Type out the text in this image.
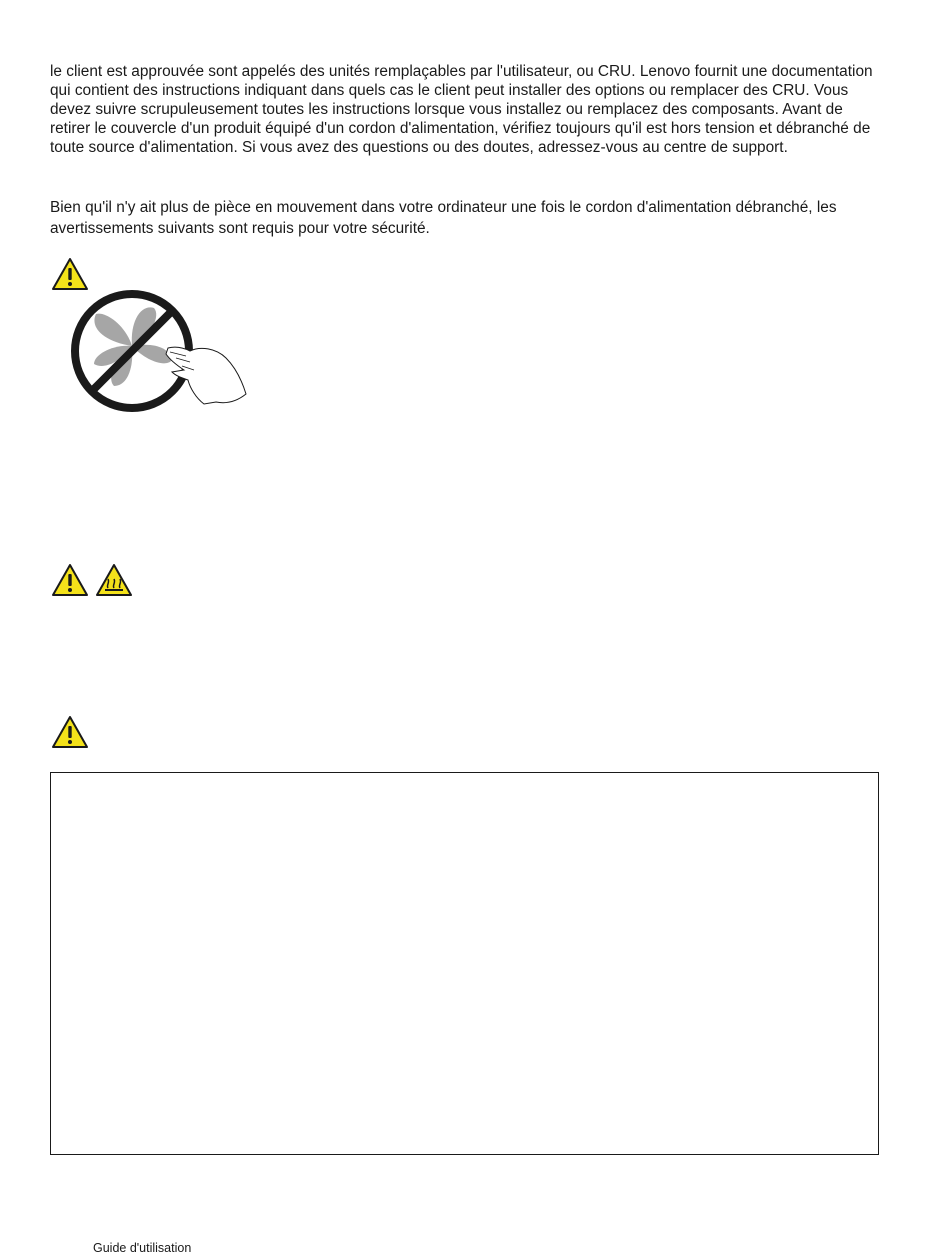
le client est approuvée sont appelés des unités remplaçables par l'utilisateur, ou CRU. Lenovo fournit une documentation qui contient des instructions indiquant dans quels cas le client peut installer des options ou remplacer des CRU. Vous devez suivre scrupuleusement toutes les instructions lorsque vous installez ou remplacez des composants. Avant de retirer le couvercle d'un produit équipé d'un cordon d'alimentation, vérifiez toujours qu'il est hors tension et débranché de toute source d'alimentation. Si vous avez des questions ou des doutes, adressez-vous au centre de support.

Bien qu'il n'y ait plus de pièce en mouvement dans votre ordinateur une fois le cordon d'alimentation débranché, les avertissements suivants sont requis pour votre sécurité.

Guide d'utilisation
